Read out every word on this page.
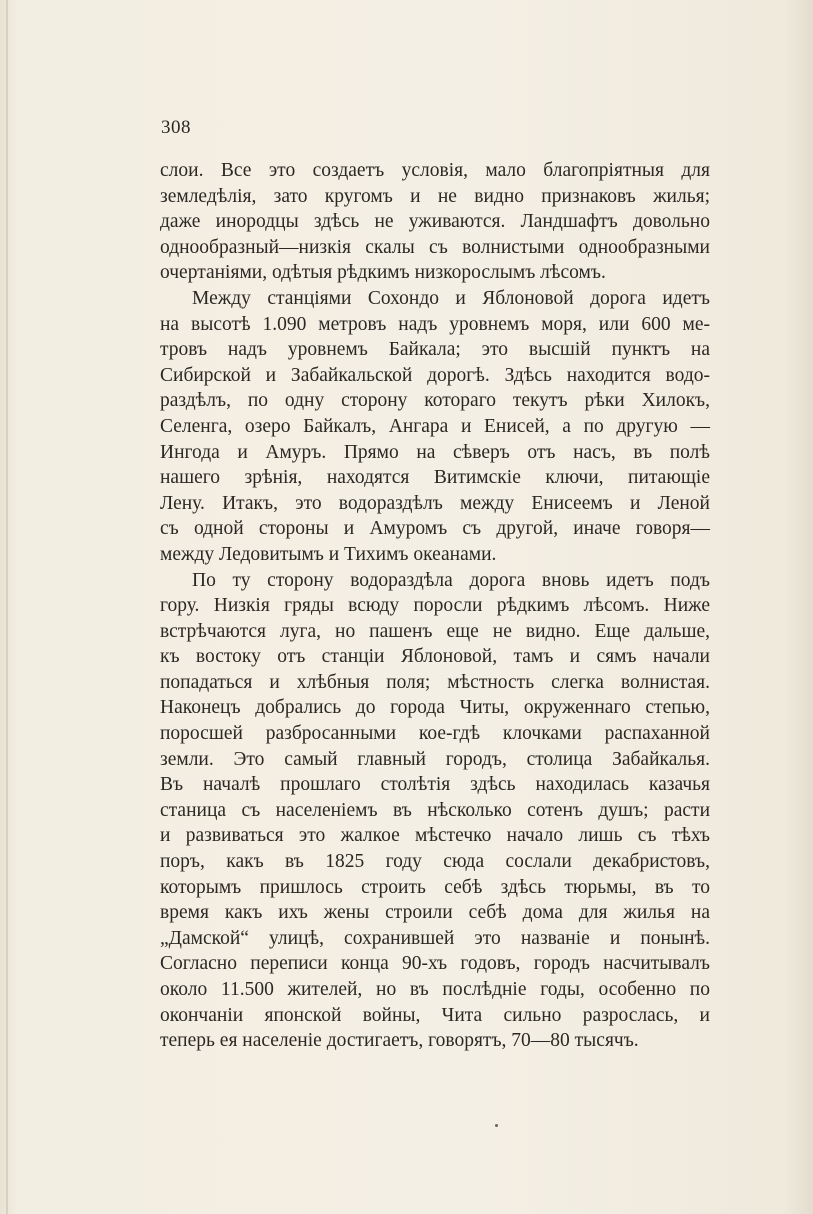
308
слои. Все это создаетъ условія, мало благопріятныя для
земледѣлія, зато кругомъ и не видно признаковъ жилья;
даже инородцы здѣсь не уживаются. Ландшафтъ довольно
однообразный—низкія скалы съ волнистыми однообразными
очертаніями, одѣтыя рѣдкимъ низкорослымъ лѣсомъ.
Между станціями Сохондо и Яблоновой дорога идетъ
на высотѣ 1.090 метровъ надъ уровнемъ моря, или 600 ме-
тровъ надъ уровнемъ Байкала; это высшій пунктъ на
Сибирской и Забайкальской дорогѣ. Здѣсь находится водо-
раздѣлъ, по одну сторону котораго текутъ рѣки Хилокъ,
Селенга, озеро Байкалъ, Ангара и Енисей, а по другую —
Ингода и Амуръ. Прямо на сѣверъ отъ насъ, въ полѣ
нашего зрѣнія, находятся Витимскіе ключи, питающіе
Лену. Итакъ, это водораздѣлъ между Енисеемъ и Леной
съ одной стороны и Амуромъ съ другой, иначе говоря—
между Ледовитымъ и Тихимъ океанами.
По ту сторону водораздѣла дорога вновь идетъ подъ
гору. Низкія гряды всюду поросли рѣдкимъ лѣсомъ. Ниже
встрѣчаются луга, но пашенъ еще не видно. Еще дальше,
къ востоку отъ станціи Яблоновой, тамъ и сямъ начали
попадаться и хлѣбныя поля; мѣстность слегка волнистая.
Наконецъ добрались до города Читы, окруженнаго степью,
поросшей разбросанными кое-гдѣ клочками распаханной
земли. Это самый главный городъ, столица Забайкалья.
Въ началѣ прошлаго столѣтія здѣсь находилась казачья
станица съ населеніемъ въ нѣсколько сотенъ душъ; расти
и развиваться это жалкое мѣстечко начало лишь съ тѣхъ
поръ, какъ въ 1825 году сюда сослали декабристовъ,
которымъ пришлось строить себѣ здѣсь тюрьмы, въ то
время какъ ихъ жены строили себѣ дома для жилья на
„Дамской“ улицѣ, сохранившей это названіе и понынѣ.
Согласно переписи конца 90-хъ годовъ, городъ насчитывалъ
около 11.500 жителей, но въ послѣдніе годы, особенно по
окончаніи японской войны, Чита сильно разрослась, и
теперь ея населеніе достигаетъ, говорятъ, 70—80 тысячъ.
